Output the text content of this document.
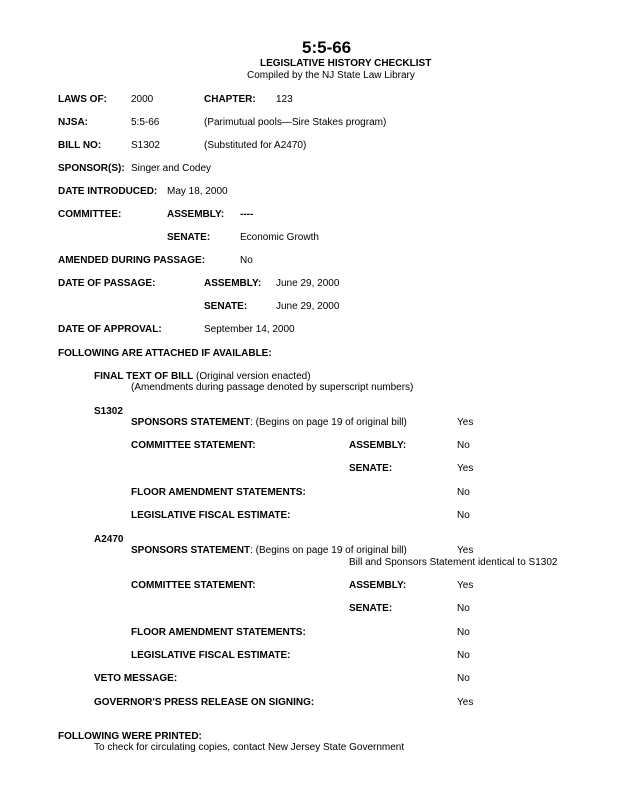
5:5-66
LEGISLATIVE HISTORY CHECKLIST
Compiled by the NJ State Law Library
LAWS OF: 2000	CHAPTER: 123
NJSA:	5:5-66	(Parimutual pools—Sire Stakes program)
BILL NO:	S1302	(Substituted for A2470)
SPONSOR(S): Singer and Codey
DATE INTRODUCED: May 18, 2000
COMMITTEE:	ASSEMBLY: ----
SENATE:	Economic Growth
AMENDED DURING PASSAGE:	No
DATE OF PASSAGE:	ASSEMBLY: June 29, 2000
SENATE:	June 29, 2000
DATE OF APPROVAL:	September 14, 2000
FOLLOWING ARE ATTACHED IF AVAILABLE:
FINAL TEXT OF BILL (Original version enacted)
(Amendments during passage denoted by superscript numbers)
S1302
SPONSORS STATEMENT: (Begins on page 19 of original bill)	Yes
COMMITTEE STATEMENT:	ASSEMBLY:	No
SENATE:	Yes
FLOOR AMENDMENT STATEMENTS:	No
LEGISLATIVE FISCAL ESTIMATE:	No
A2470
SPONSORS STATEMENT: (Begins on page 19 of original bill)	Yes
Bill and Sponsors Statement identical to S1302
COMMITTEE STATEMENT:	ASSEMBLY:	Yes
SENATE:	No
FLOOR AMENDMENT STATEMENTS:	No
LEGISLATIVE FISCAL ESTIMATE:	No
VETO MESSAGE:	No
GOVERNOR'S PRESS RELEASE ON SIGNING:	Yes
FOLLOWING WERE PRINTED:
To check for circulating copies, contact New Jersey State Government
